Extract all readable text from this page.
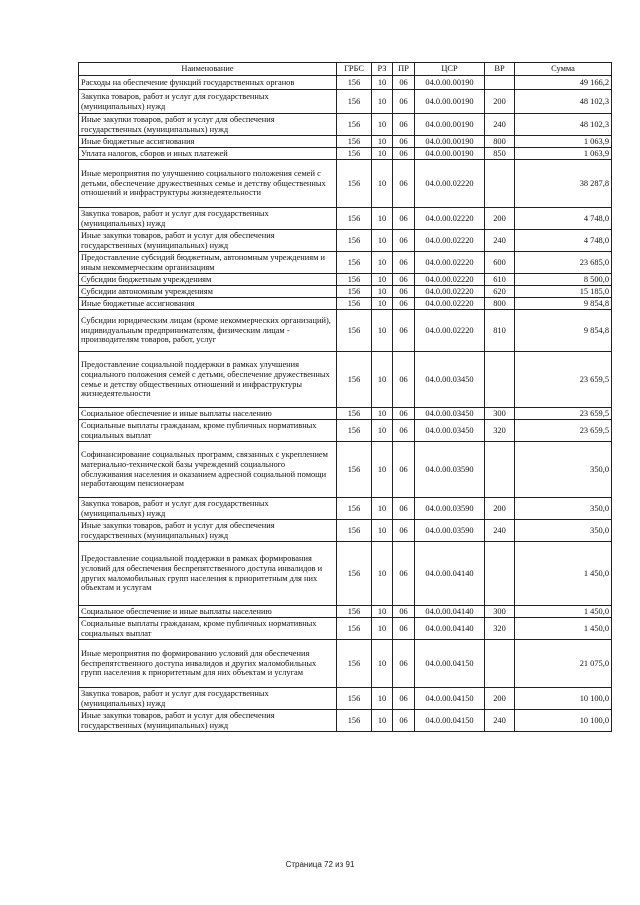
Наименование	ГРБС	РЗ	ПР	ЦСР	ВР	Сумма
Расходы на обеспечение функций государственных органов	156	10	06	04.0.00.00190		49 166,2
Закупка товаров, работ и услуг для государственных (муниципальных) нужд	156	10	06	04.0.00.00190	200	48 102,3
Иные закупки товаров, работ и услуг для обеспечения государственных (муниципальных) нужд	156	10	06	04.0.00.00190	240	48 102,3
Иные бюджетные ассигнования	156	10	06	04.0.00.00190	800	1 063,9
Уплата налогов, сборов и иных платежей	156	10	06	04.0.00.00190	850	1 063,9
Иные мероприятия по улучшению социального положения семей с детьми, обеспечение дружественных семье и детству общественных отношений и инфраструктуры жизнедеятельности	156	10	06	04.0.00.02220		38 287,8
Закупка товаров, работ и услуг для государственных (муниципальных) нужд	156	10	06	04.0.00.02220	200	4 748,0
Иные закупки товаров, работ и услуг для обеспечения государственных (муниципальных) нужд	156	10	06	04.0.00.02220	240	4 748,0
Предоставление субсидий бюджетным, автономным учреждениям и иным некоммерческим организациям	156	10	06	04.0.00.02220	600	23 685,0
Субсидии бюджетным учреждениям	156	10	06	04.0.00.02220	610	8 500,0
Субсидии автономным учреждениям	156	10	06	04.0.00.02220	620	15 185,0
Иные бюджетные ассигнования	156	10	06	04.0.00.02220	800	9 854,8
Субсидии юридическим лицам (кроме некоммерческих организаций), индивидуальным предпринимателям, физическим лицам - производителям товаров, работ, услуг	156	10	06	04.0.00.02220	810	9 854,8
Предоставление социальной поддержки в рамках улучшения социального положения семей с детьми, обеспечение дружественных семье и детству общественных отношений и инфраструктуры жизнедеятельности	156	10	06	04.0.00.03450		23 659,5
Социальное обеспечение и иные выплаты населению	156	10	06	04.0.00.03450	300	23 659,5
Социальные выплаты гражданам, кроме публичных нормативных социальных выплат	156	10	06	04.0.00.03450	320	23 659,5
Софинансирование социальных программ, связанных с укреплением материально-технической базы учреждений социального обслуживания населения и оказанием адресной социальной помощи неработающим пенсионерам	156	10	06	04.0.00.03590		350,0
Закупка товаров, работ и услуг для государственных (муниципальных) нужд	156	10	06	04.0.00.03590	200	350,0
Иные закупки товаров, работ и услуг для обеспечения государственных (муниципальных) нужд	156	10	06	04.0.00.03590	240	350,0
Предоставление социальной поддержки в рамках формирования условий для обеспечения беспрепятственного доступа инвалидов и других маломобильных групп населения к приоритетным для них объектам и услугам	156	10	06	04.0.00.04140		1 450,0
Социальное обеспечение и иные выплаты населению	156	10	06	04.0.00.04140	300	1 450,0
Социальные выплаты гражданам, кроме публичных нормативных социальных выплат	156	10	06	04.0.00.04140	320	1 450,0
Иные мероприятия по формированию условий для обеспечения беспрепятственного доступа инвалидов и других маломобильных групп населения к приоритетным для них объектам и услугам	156	10	06	04.0.00.04150		21 075,0
Закупка товаров, работ и услуг для государственных (муниципальных) нужд	156	10	06	04.0.00.04150	200	10 100,0
Иные закупки товаров, работ и услуг для обеспечения государственных (муниципальных) нужд	156	10	06	04.0.00.04150	240	10 100,0
Страница 72 из 91
